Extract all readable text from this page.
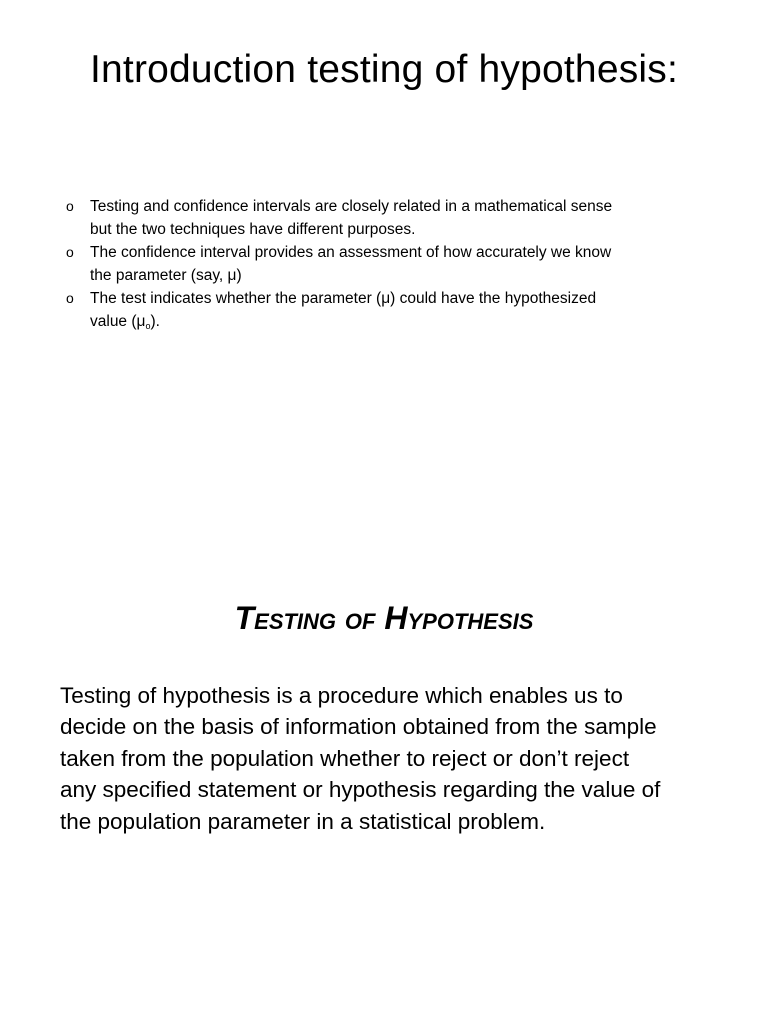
Introduction testing of hypothesis:
o Testing and confidence intervals are closely related in a mathematical sense
but the two techniques have different purposes.
o The confidence interval provides an assessment of how accurately we know
the parameter (say, μ)
o The test indicates whether the parameter (μ) could have the hypothesized
value $(\mu_o)$.
Testing of Hypothesis

Testing of hypothesis is a procedure which enables us to
decide on the basis of information obtained from the sample
taken from the population whether to reject or don’t reject
any specified statement or hypothesis regarding the value of
the population parameter in a statistical problem.
